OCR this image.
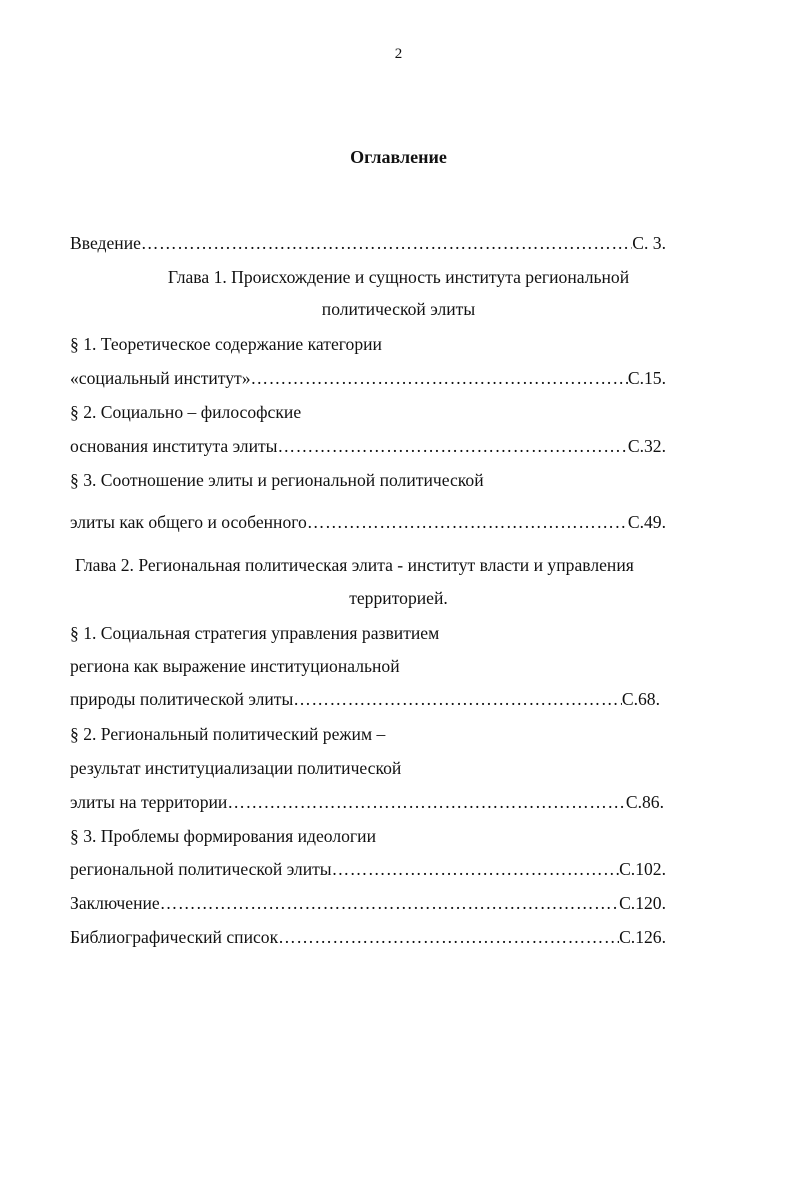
2
Оглавление
Введение ………………………………………………………………………………………………………	С. 3.
Глава 1. Происхождение и сущность института региональной
политической элиты
§ 1. Теоретическое содержание категории
«социальный институт» ………………………………………………………………………………………………………	С.15.
§ 2. Социально – философские
основания института элиты ………………………………………………………………………………………………………	С.32.
§ 3. Соотношение элиты и региональной политической
элиты как общего и особенного ………………………………………………………………………………………………………	С.49.
Глава 2. Региональная политическая элита - институт власти и управления
территорией.
§ 1. Социальная стратегия управления развитием
региона как выражение институциональной
природы политической элиты ………………………………………………………………………………………………………	С.68.
§ 2. Региональный политический режим –
результат институциализации политической
элиты на территории ………………………………………………………………………………………………………	С.86.
§ 3. Проблемы формирования идеологии
региональной политической элиты ………………………………………………………………………………………………………	С.102.
Заключение ………………………………………………………………………………………………………	С.120.
Библиографический список ………………………………………………………………………………………………………	С.126.
